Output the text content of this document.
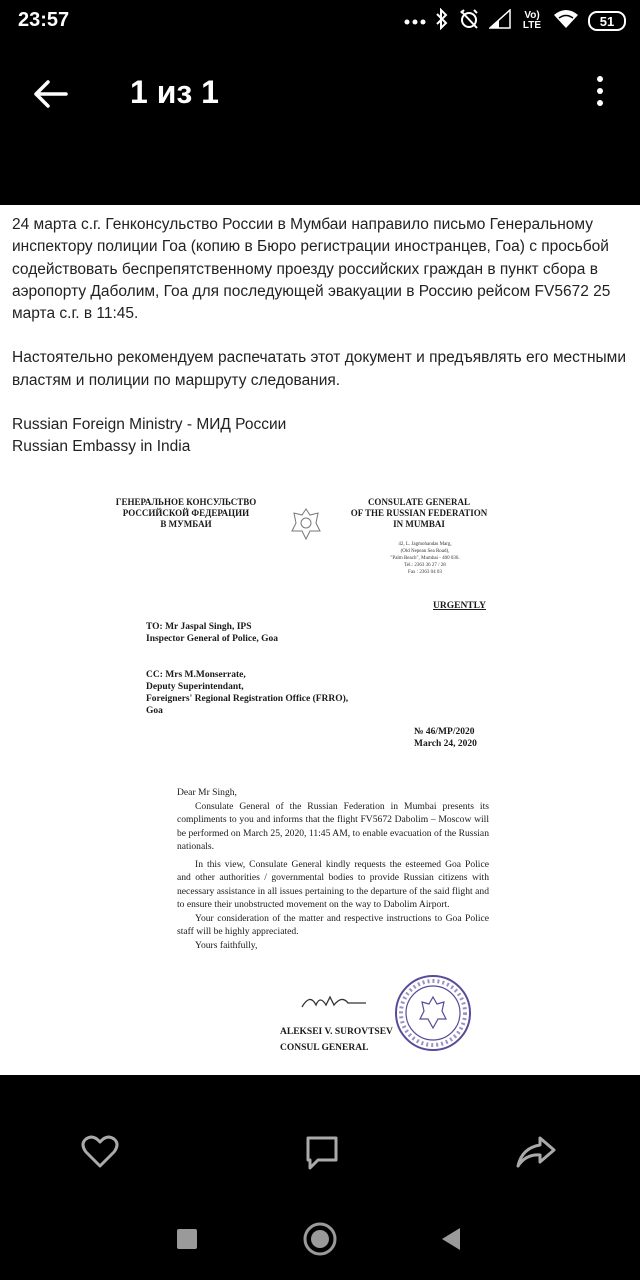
23:57	Vo) LTE	51
1 из 1

24 марта с.г. Генконсульство России в Мумбаи направило письмо Генеральному инспектору полиции Гоа (копию в Бюро регистрации иностранцев, Гоа) с просьбой содействовать беспрепятственному проезду российских граждан в пункт сбора в аэропорту Даболим, Гоа для последующей эвакуации в Россию рейсом FV5672 25 марта с.г. в 11:45.

Настоятельно рекомендуем распечатать этот документ и предъявлять его местными властям и полиции по маршруту следования.

Russian Foreign Ministry - МИД России

Russian Embassy in India

ГЕНЕРАЛЬНОЕ КОНСУЛЬСТВО
РОССИЙСКОЙ ФЕДЕРАЦИИ
В МУМБАИ
CONSULATE GENERAL
OF THE RUSSIAN FEDERATION
IN MUMBAI
42, L. Jagmohandas Marg,
(Old Nepean Sea Road),
"Palm Beach", Mumbai - 400 036.
Tel.: 2363 36 27 / 28
Fax : 2363 04 03
URGENTLY
TO: Mr Jaspal Singh, IPS
Inspector General of Police, Goa
CC: Mrs M.Monserrate,
Deputy Superintendant,
Foreigners' Regional Registration Office (FRRO),
Goa
№ 46/MP/2020
March 24, 2020

Dear Mr Singh,

Consulate General of the Russian Federation in Mumbai presents its compliments to you and informs that the flight FV5672 Dabolim – Moscow will be performed on March 25, 2020, 11:45 AM, to enable evacuation of the Russian nationals.

In this view, Consulate General kindly requests the esteemed Goa Police and other authorities / governmental bodies to provide Russian citizens with necessary assistance in all issues pertaining to the departure of the said flight and to ensure their unobstructed movement on the way to Dabolim Airport.

Your consideration of the matter and respective instructions to Goa Police staff will be highly appreciated.

Yours faithfully,

ALEKSEI V. SUROVTSEV
CONSUL GENERAL
